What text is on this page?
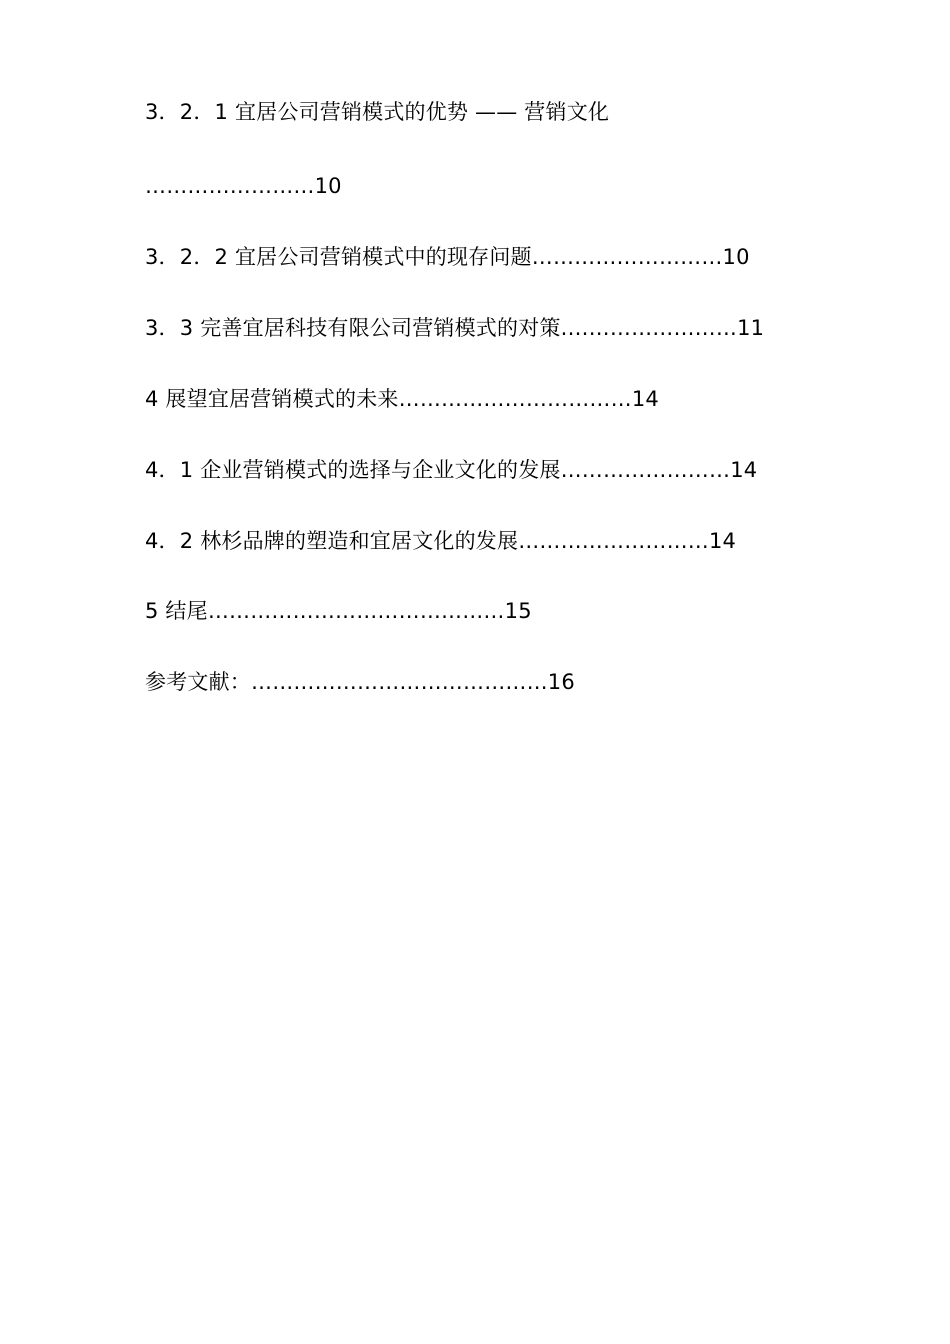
3．2．1 宜居公司营销模式的优势 —— 营销文化
……………………10
3．2．2 宜居公司营销模式中的现存问题………………………10
3．3 完善宜居科技有限公司营销模式的对策.……………………11
4 展望宜居营销模式的未来……………………………14
4．1 企业营销模式的选择与企业文化的发展……………………14
4．2 林杉品牌的塑造和宜居文化的发展………………………14
5 结尾……………………………………15
参考文献：……………………………………16
